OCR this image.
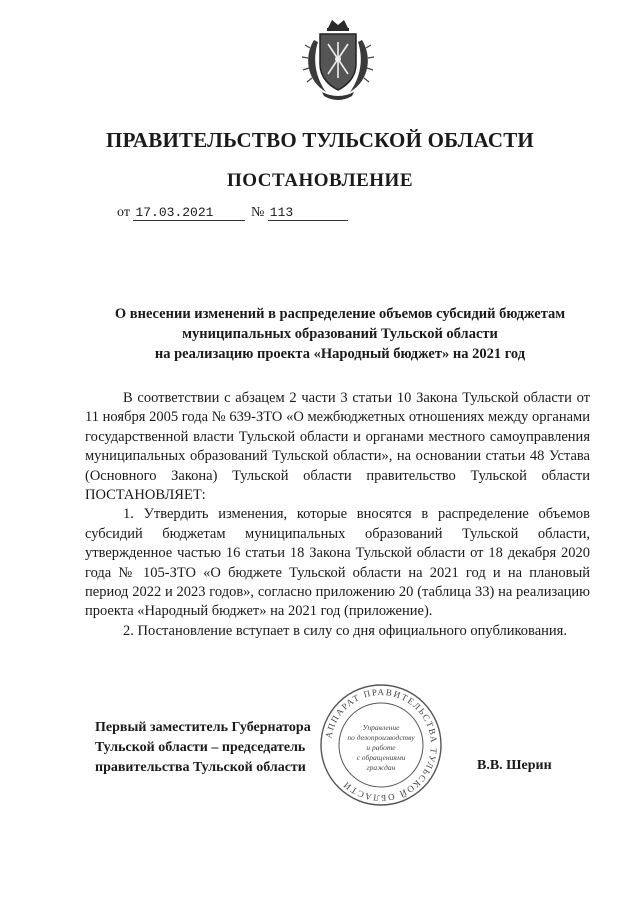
ПРАВИТЕЛЬСТВО ТУЛЬСКОЙ ОБЛАСТИ
ПОСТАНОВЛЕНИЕ
от 17.03.2021	№ 113
О внесении изменений в распределение объемов субсидий бюджетам
муниципальных образований Тульской области
на реализацию проекта «Народный бюджет» на 2021 год

В соответствии с абзацем 2 части 3 статьи 10 Закона Тульской области от 11 ноября 2005 года № 639-ЗТО «О межбюджетных отношениях между органами государственной власти Тульской области и органами местного самоуправления муниципальных образований Тульской области», на основании статьи 48 Устава (Основного Закона) Тульской области правительство Тульской области ПОСТАНОВЛЯЕТ:

1. Утвердить изменения, которые вносятся в распределение объемов субсидий бюджетам муниципальных образований Тульской области, утвержденное частью 16 статьи 18 Закона Тульской области от 18 декабря 2020 года № 105-ЗТО «О бюджете Тульской области на 2021 год и на плановый период 2022 и 2023 годов», согласно приложению 20 (таблица 33) на реализацию проекта «Народный бюджет» на 2021 год (приложение).

2. Постановление вступает в силу со дня официального опубликования.

Первый заместитель Губернатора
Тульской области – председатель
правительства Тульской области
АППАРАТ ПРАВИТЕЛЬСТВА ТУЛЬСКОЙ ОБЛАСТИ
Управление
по делопроизводству
и работе
с обращениями
граждан	В.В. Шерин
